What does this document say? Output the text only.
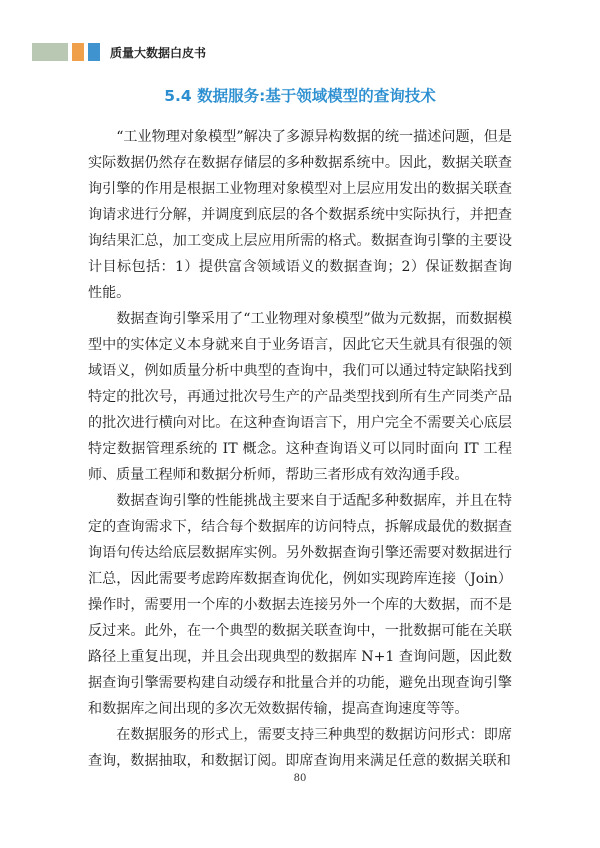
质量大数据白皮书
5.4 数据服务:基于领域模型的查询技术

“工业物理对象模型”解决了多源异构数据的统一描述问题，但是实际数据仍然存在数据存储层的多种数据系统中。因此，数据关联查询引擎的作用是根据工业物理对象模型对上层应用发出的数据关联查询请求进行分解，并调度到底层的各个数据系统中实际执行，并把查询结果汇总，加工变成上层应用所需的格式。数据查询引擎的主要设计目标包括：1）提供富含领域语义的数据查询；2）保证数据查询性能。

数据查询引擎采用了“工业物理对象模型”做为元数据，而数据模型中的实体定义本身就来自于业务语言，因此它天生就具有很强的领域语义，例如质量分析中典型的查询中，我们可以通过特定缺陷找到特定的批次号，再通过批次号生产的产品类型找到所有生产同类产品的批次进行横向对比。在这种查询语言下，用户完全不需要关心底层特定数据管理系统的 IT 概念。这种查询语义可以同时面向 IT 工程师、质量工程师和数据分析师，帮助三者形成有效沟通手段。

数据查询引擎的性能挑战主要来自于适配多种数据库，并且在特定的查询需求下，结合每个数据库的访问特点，拆解成最优的数据查询语句传达给底层数据库实例。另外数据查询引擎还需要对数据进行汇总，因此需要考虑跨库数据查询优化，例如实现跨库连接（Join）操作时，需要用一个库的小数据去连接另外一个库的大数据，而不是反过来。此外，在一个典型的数据关联查询中，一批数据可能在关联路径上重复出现，并且会出现典型的数据库 N+1 查询问题，因此数据查询引擎需要构建自动缓存和批量合并的功能，避免出现查询引擎和数据库之间出现的多次无效数据传输，提高查询速度等等。

在数据服务的形式上，需要支持三种典型的数据访问形式：即席查询，数据抽取，和数据订阅。即席查询用来满足任意的数据关联和

80
